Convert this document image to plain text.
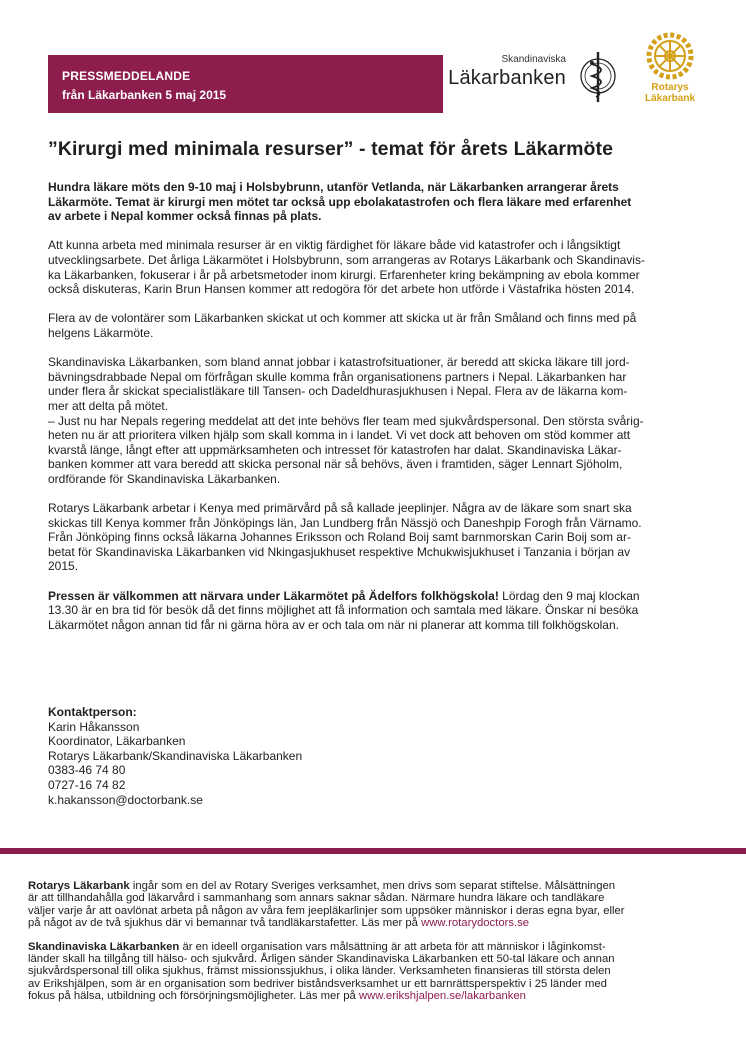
PRESSMEDDELANDE
från Läkarbanken 5 maj 2015
Skandinaviska
Läkarbanken	Rotarys
Läkarbank
”Kirurgi med minimala resurser” - temat för årets Läkarmöte

Hundra läkare möts den 9-10 maj i Holsbybrunn, utanför Vetlanda, när Läkarbanken arrangerar årets
Läkarmöte. Temat är kirurgi men mötet tar också upp ebolakatastrofen och flera läkare med erfarenhet
av arbete i Nepal kommer också finnas på plats.

Att kunna arbeta med minimala resurser är en viktig färdighet för läkare både vid katastrofer och i långsiktigt
utvecklingsarbete. Det årliga Läkarmötet i Holsbybrunn, som arrangeras av Rotarys Läkarbank och Skandinavis-
ka Läkarbanken, fokuserar i år på arbetsmetoder inom kirurgi. Erfarenheter kring bekämpning av ebola kommer
också diskuteras, Karin Brun Hansen kommer att redogöra för det arbete hon utförde i Västafrika hösten 2014.

Flera av de volontärer som Läkarbanken skickat ut och kommer att skicka ut är från Småland och finns med på
helgens Läkarmöte.

Skandinaviska Läkarbanken, som bland annat jobbar i katastrofsituationer, är beredd att skicka läkare till jord-
bävningsdrabbade Nepal om förfrågan skulle komma från organisationens partners i Nepal. Läkarbanken har
under flera år skickat specialistläkare till Tansen- och Dadeldhurasjukhusen i Nepal. Flera av de läkarna kom-
mer att delta på mötet.
– Just nu har Nepals regering meddelat att det inte behövs fler team med sjukvårdspersonal. Den största svårig-
heten nu är att prioritera vilken hjälp som skall komma in i landet. Vi vet dock att behoven om stöd kommer att
kvarstå länge, långt efter att uppmärksamheten och intresset för katastrofen har dalat. Skandinaviska Läkar-
banken kommer att vara beredd att skicka personal när så behövs, även i framtiden, säger Lennart Sjöholm,
ordförande för Skandinaviska Läkarbanken.

Rotarys Läkarbank arbetar i Kenya med primärvård på så kallade jeeplinjer. Några av de läkare som snart ska
skickas till Kenya kommer från Jönköpings län, Jan Lundberg från Nässjö och Daneshpip Forogh från Värnamo.
Från Jönköping finns också läkarna Johannes Eriksson och Roland Boij samt barnmorskan Carin Boij som ar-
betat för Skandinaviska Läkarbanken vid Nkingasjukhuset respektive Mchukwisjukhuset i Tanzania i början av
2015.

Pressen är välkommen att närvara under Läkarmötet på Ädelfors folkhögskola! Lördag den 9 maj klockan
13.30 är en bra tid för besök då det finns möjlighet att få information och samtala med läkare. Önskar ni besöka
Läkarmötet någon annan tid får ni gärna höra av er och tala om när ni planerar att komma till folkhögskolan.

Kontaktperson:
Karin Håkansson
Koordinator, Läkarbanken
Rotarys Läkarbank/Skandinaviska Läkarbanken
0383-46 74 80
0727-16 74 82
k.hakansson@doctorbank.se

Rotarys Läkarbank ingår som en del av Rotary Sveriges verksamhet, men drivs som separat stiftelse. Målsättningen
är att tillhandahålla god läkarvård i sammanhang som annars saknar sådan. Närmare hundra läkare och tandläkare
väljer varje år att oavlönat arbeta på någon av våra fem jeepläkarlinjer som uppsöker människor i deras egna byar, eller
på något av de två sjukhus där vi bemannar två tandläkarstafetter. Läs mer på www.rotarydoctors.se

Skandinaviska Läkarbanken är en ideell organisation vars målsättning är att arbeta för att människor i låginkomst-
länder skall ha tillgång till hälso- och sjukvård. Årligen sänder Skandinaviska Läkarbanken ett 50-tal läkare och annan
sjukvårdspersonal till olika sjukhus, främst missionssjukhus, i olika länder. Verksamheten finansieras till största delen
av Erikshjälpen, som är en organisation som bedriver biståndsverksamhet ur ett barnrättsperspektiv i 25 länder med
fokus på hälsa, utbildning och försörjningsmöjligheter. Läs mer på www.erikshjalpen.se/lakarbanken
